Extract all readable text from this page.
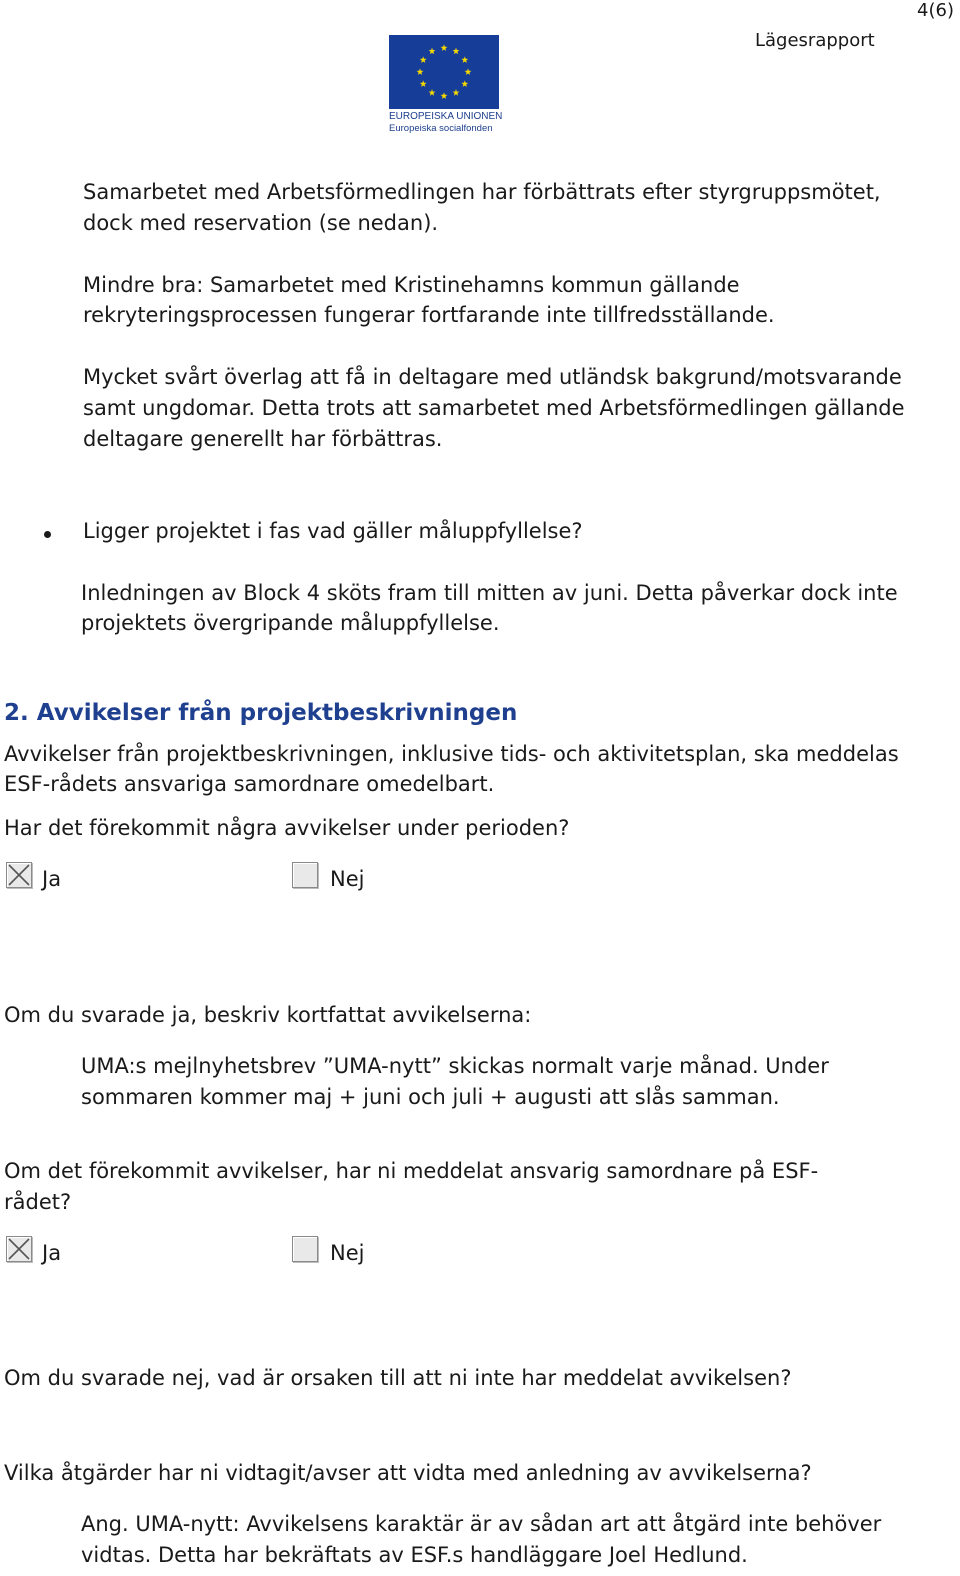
4(6)
Lägesrapport
EUROPEISKA UNIONEN
Europeiska socialfonden
Samarbetet med Arbetsförmedlingen har förbättrats efter styrgruppsmötet,
dock med reservation (se nedan).
Mindre bra: Samarbetet med Kristinehamns kommun gällande
rekryteringsprocessen fungerar fortfarande inte tillfredsställande.
Mycket svårt överlag att få in deltagare med utländsk bakgrund/motsvarande
samt ungdomar. Detta trots att samarbetet med Arbetsförmedlingen gällande
deltagare generellt har förbättras.
Ligger projektet i fas vad gäller måluppfyllelse?
Inledningen av Block 4 sköts fram till mitten av juni. Detta påverkar dock inte
projektets övergripande måluppfyllelse.
2. Avvikelser från projektbeskrivningen
Avvikelser från projektbeskrivningen, inklusive tids- och aktivitetsplan, ska meddelas
ESF-rådets ansvariga samordnare omedelbart.
Har det förekommit några avvikelser under perioden?
Ja	Nej
Om du svarade ja, beskriv kortfattat avvikelserna:
UMA:s mejlnyhetsbrev ”UMA-nytt” skickas normalt varje månad. Under
sommaren kommer maj + juni och juli + augusti att slås samman.
Om det förekommit avvikelser, har ni meddelat ansvarig samordnare på ESF-
rådet?
Ja	Nej
Om du svarade nej, vad är orsaken till att ni inte har meddelat avvikelsen?
Vilka åtgärder har ni vidtagit/avser att vidta med anledning av avvikelserna?
Ang. UMA-nytt: Avvikelsens karaktär är av sådan art att åtgärd inte behöver
vidtas. Detta har bekräftats av ESF.s handläggare Joel Hedlund.
